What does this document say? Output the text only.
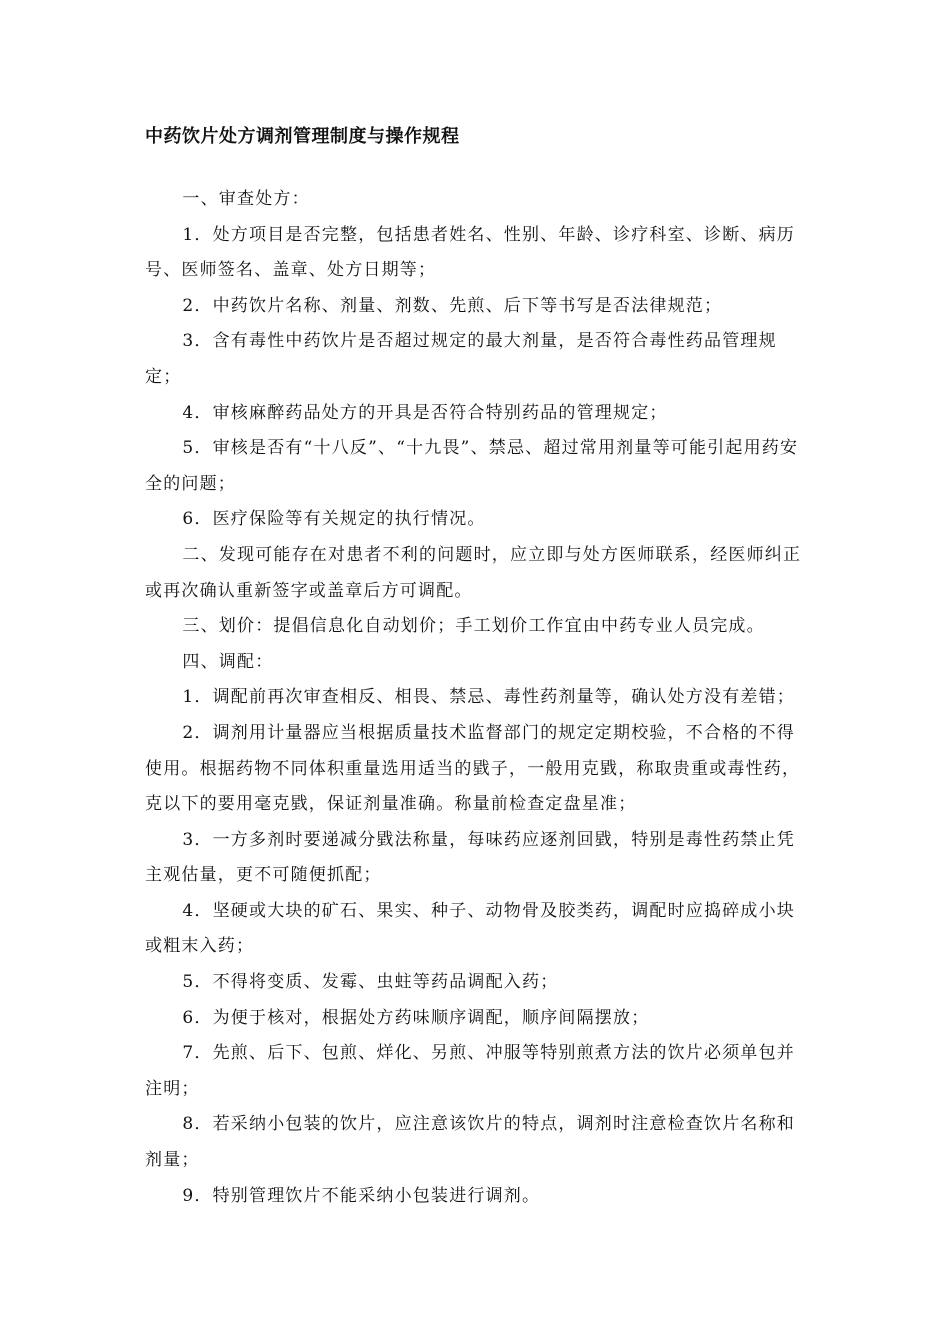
中药饮片处方调剂管理制度与操作规程

一、审查处方：

1．处方项目是否完整，包括患者姓名、性别、年龄、诊疗科室、诊断、病历号、医师签名、盖章、处方日期等；

2．中药饮片名称、剂量、剂数、先煎、后下等书写是否法律规范；

3．含有毒性中药饮片是否超过规定的最大剂量，是否符合毒性药品管理规定；

4．审核麻醉药品处方的开具是否符合特别药品的管理规定；

5．审核是否有“十八反”、“十九畏”、禁忌、超过常用剂量等可能引起用药安全的问题；

6．医疗保险等有关规定的执行情况。

二、发现可能存在对患者不利的问题时，应立即与处方医师联系，经医师纠正或再次确认重新签字或盖章后方可调配。

三、划价：提倡信息化自动划价；手工划价工作宜由中药专业人员完成。

四、调配：

1．调配前再次审查相反、相畏、禁忌、毒性药剂量等，确认处方没有差错；

2．调剂用计量器应当根据质量技术监督部门的规定定期校验，不合格的不得使用。根据药物不同体积重量选用适当的戥子，一般用克戥，称取贵重或毒性药，克以下的要用毫克戥，保证剂量准确。称量前检查定盘星准；

3．一方多剂时要递减分戥法称量，每味药应逐剂回戥，特别是毒性药禁止凭主观估量，更不可随便抓配；

4．坚硬或大块的矿石、果实、种子、动物骨及胶类药，调配时应捣碎成小块或粗末入药；

5．不得将变质、发霉、虫蛀等药品调配入药；

6．为便于核对，根据处方药味顺序调配，顺序间隔摆放；

7．先煎、后下、包煎、烊化、另煎、冲服等特别煎煮方法的饮片必须单包并注明；

8．若采纳小包装的饮片，应注意该饮片的特点，调剂时注意检查饮片名称和剂量；

9．特别管理饮片不能采纳小包装进行调剂。
